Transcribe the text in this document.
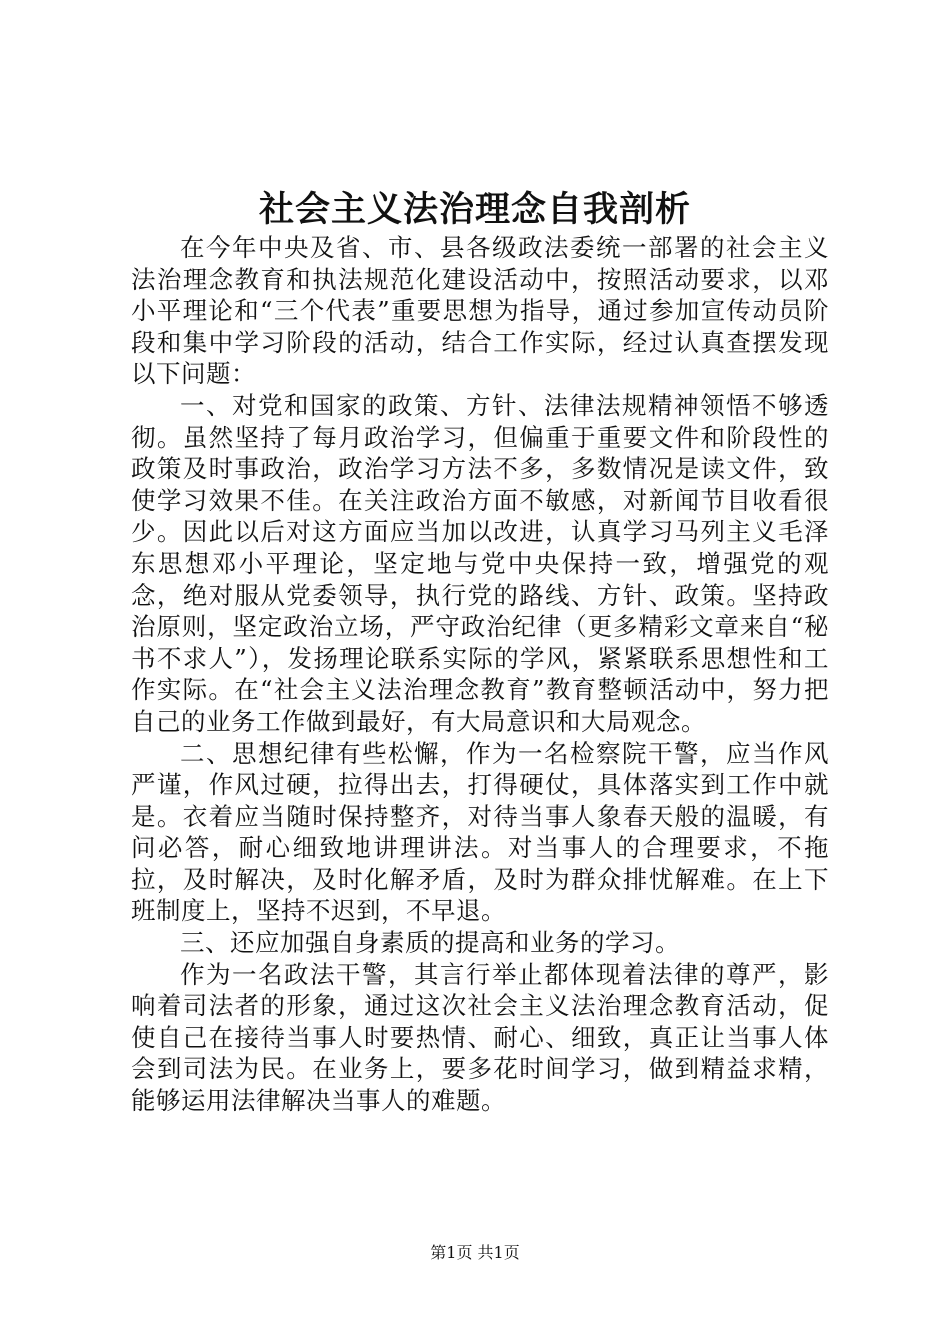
社会主义法治理念自我剖析

在今年中央及省、市、县各级政法委统一部署的社会主义法治理念教育和执法规范化建设活动中，按照活动要求，以邓小平理论和“三个代表”重要思想为指导，通过参加宣传动员阶段和集中学习阶段的活动，结合工作实际，经过认真查摆发现以下问题：

一、对党和国家的政策、方针、法律法规精神领悟不够透彻。虽然坚持了每月政治学习，但偏重于重要文件和阶段性的政策及时事政治，政治学习方法不多，多数情况是读文件，致使学习效果不佳。在关注政治方面不敏感，对新闻节目收看很少。因此以后对这方面应当加以改进，认真学习马列主义毛泽东思想邓小平理论，坚定地与党中央保持一致，增强党的观念，绝对服从党委领导，执行党的路线、方针、政策。坚持政治原则，坚定政治立场，严守政治纪律（更多精彩文章来自“秘书不求人”），发扬理论联系实际的学风，紧紧联系思想性和工作实际。在“社会主义法治理念教育”教育整顿活动中，努力把自己的业务工作做到最好，有大局意识和大局观念。

二、思想纪律有些松懈，作为一名检察院干警，应当作风严谨，作风过硬，拉得出去，打得硬仗，具体落实到工作中就是。衣着应当随时保持整齐，对待当事人象春天般的温暖，有问必答，耐心细致地讲理讲法。对当事人的合理要求，不拖拉，及时解决，及时化解矛盾，及时为群众排忧解难。在上下班制度上，坚持不迟到，不早退。

三、还应加强自身素质的提高和业务的学习。

作为一名政法干警，其言行举止都体现着法律的尊严，影响着司法者的形象，通过这次社会主义法治理念教育活动，促使自己在接待当事人时要热情、耐心、细致，真正让当事人体会到司法为民。在业务上，要多花时间学习，做到精益求精，能够运用法律解决当事人的难题。

第1页 共1页
